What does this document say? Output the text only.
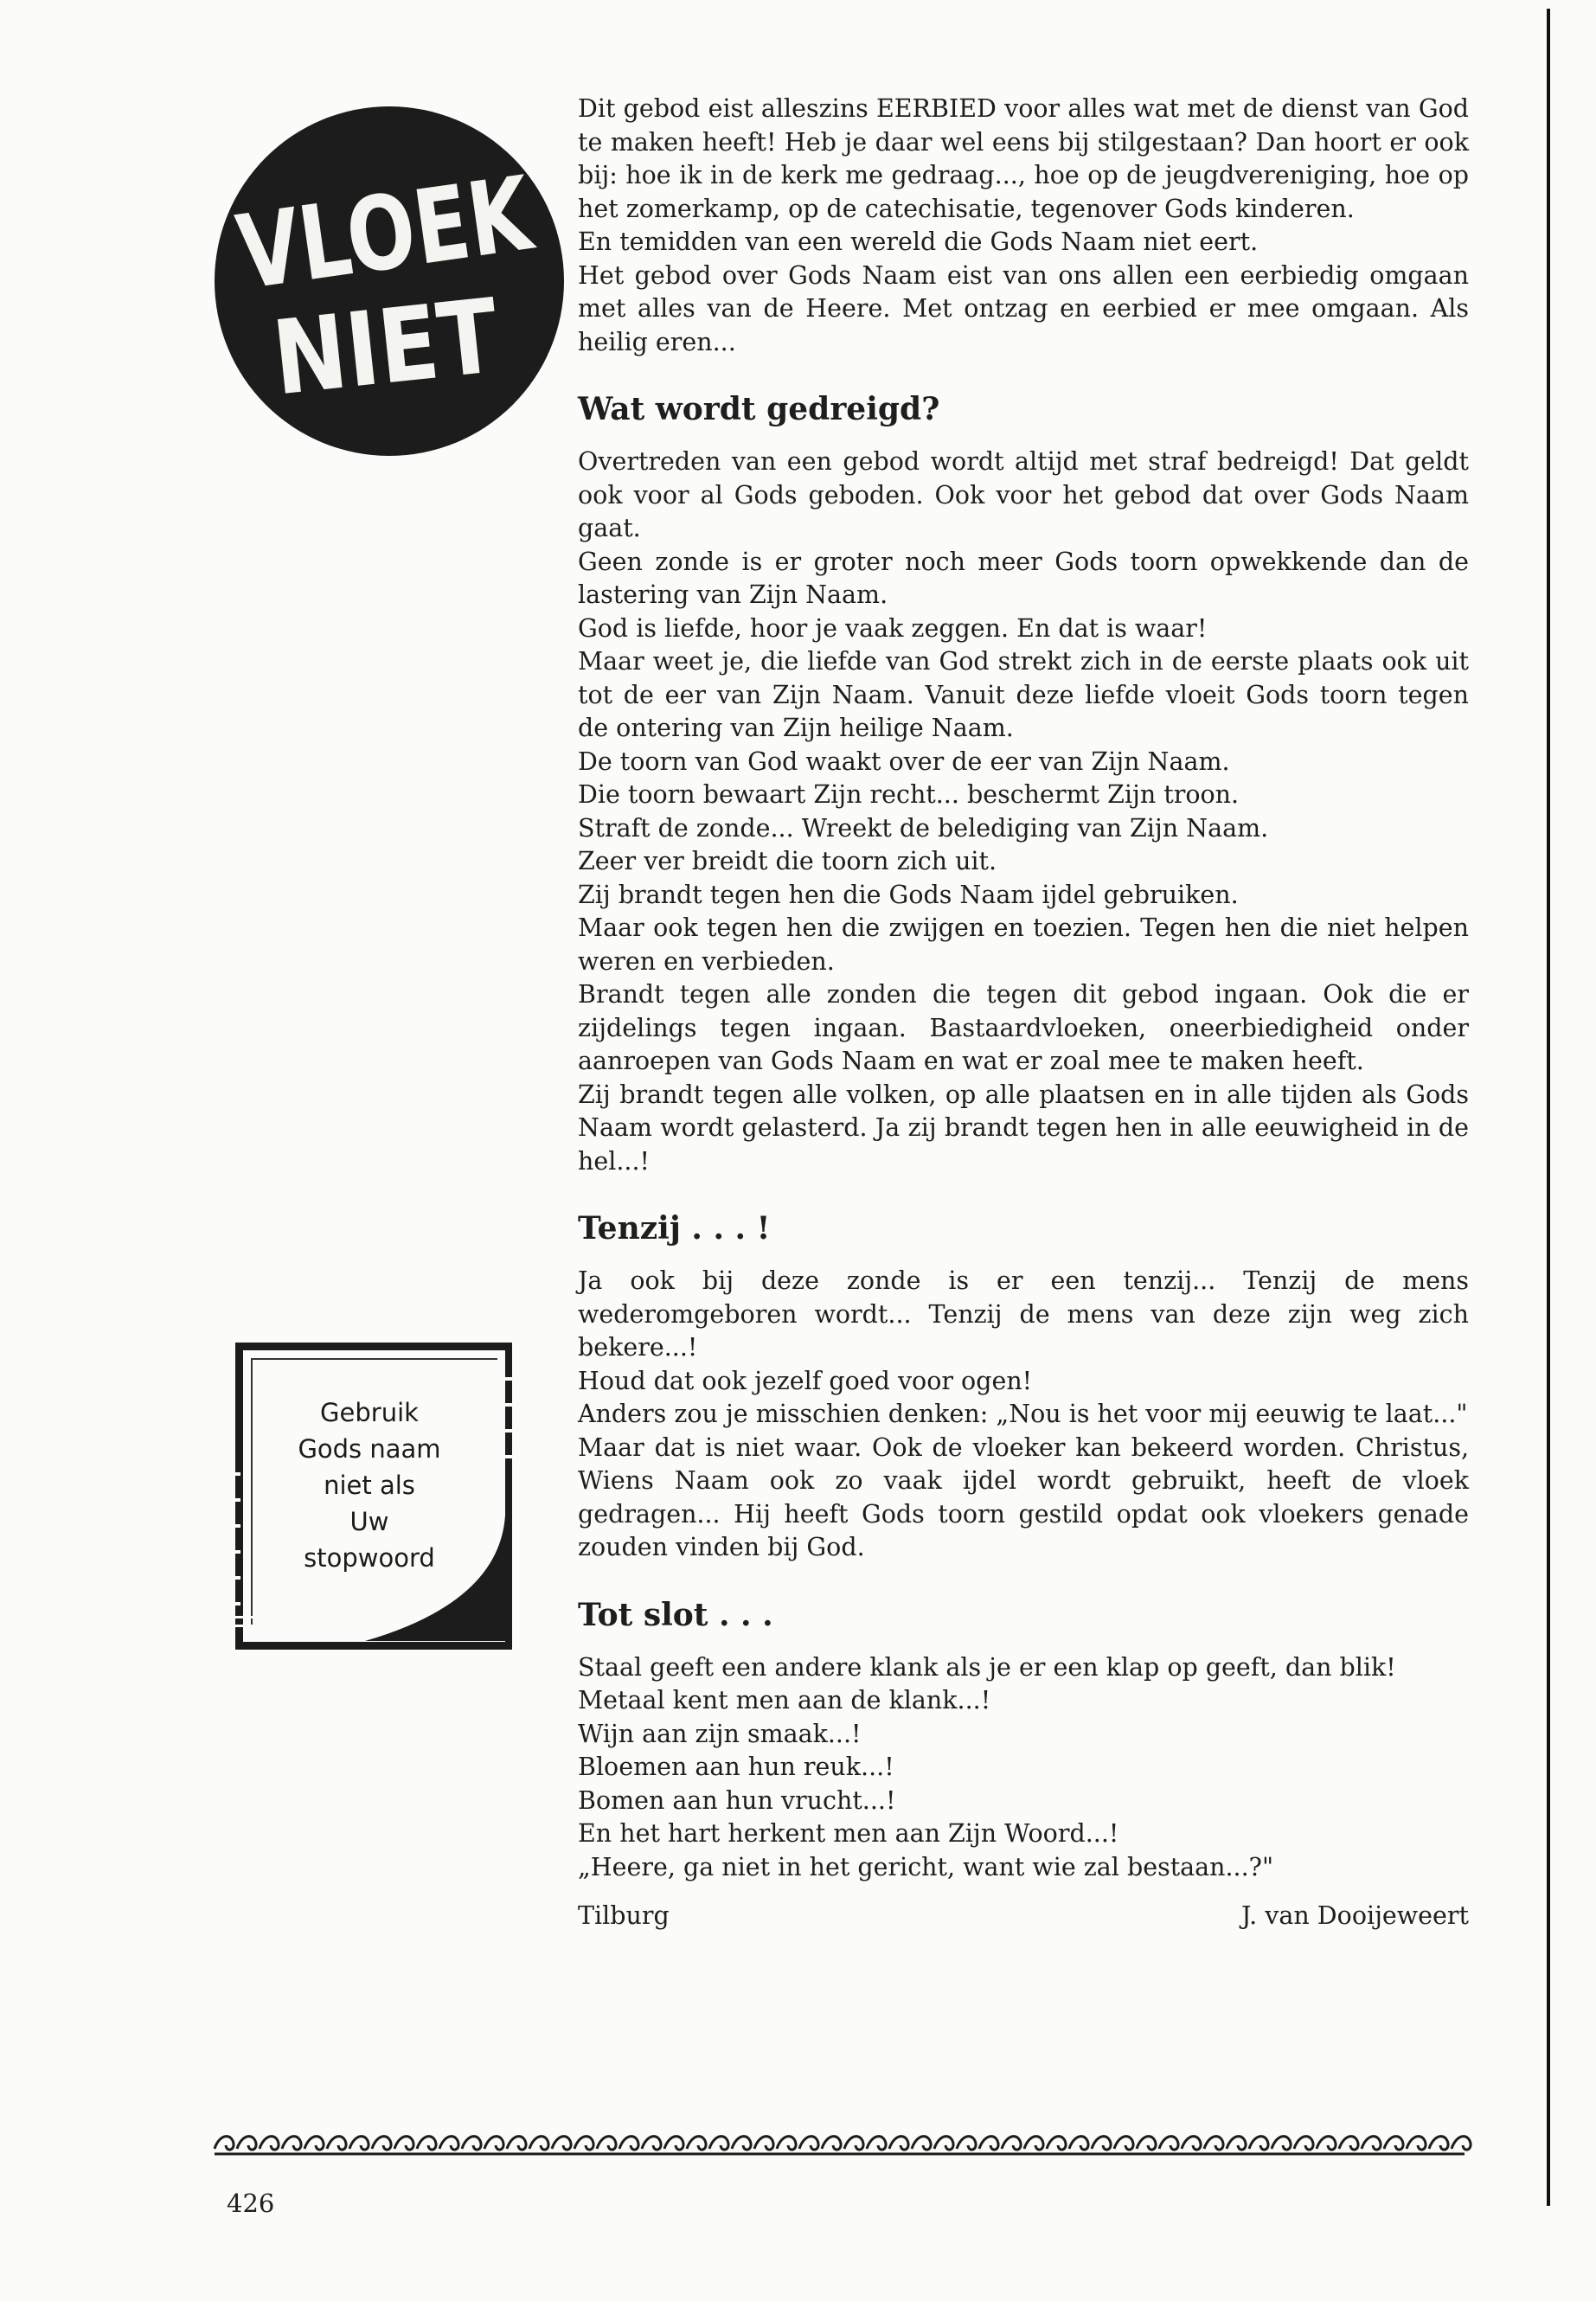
VLOEK
NIET
Gebruik
Gods naam
niet als
Uw
stopwoord

Dit gebod eist alleszins EERBIED voor alles wat met de dienst van God te maken heeft! Heb je daar wel eens bij stilgestaan? Dan hoort er ook bij: hoe ik in de kerk me gedraag..., hoe op de jeugdvereniging, hoe op het zomerkamp, op de catechisatie, tegenover Gods kinderen.

En temidden van een wereld die Gods Naam niet eert.

Het gebod over Gods Naam eist van ons allen een eerbiedig omgaan met alles van de Heere. Met ontzag en eerbied er mee omgaan. Als heilig eren...

Wat wordt gedreigd?

Overtreden van een gebod wordt altijd met straf bedreigd! Dat geldt ook voor al Gods geboden. Ook voor het gebod dat over Gods Naam gaat.

Geen zonde is er groter noch meer Gods toorn opwekkende dan de lastering van Zijn Naam.

God is liefde, hoor je vaak zeggen. En dat is waar!

Maar weet je, die liefde van God strekt zich in de eerste plaats ook uit tot de eer van Zijn Naam. Vanuit deze liefde vloeit Gods toorn tegen de ontering van Zijn heilige Naam.

De toorn van God waakt over de eer van Zijn Naam.

Die toorn bewaart Zijn recht... beschermt Zijn troon.

Straft de zonde... Wreekt de belediging van Zijn Naam.

Zeer ver breidt die toorn zich uit.

Zij brandt tegen hen die Gods Naam ijdel gebruiken.

Maar ook tegen hen die zwijgen en toezien. Tegen hen die niet helpen weren en verbieden.

Brandt tegen alle zonden die tegen dit gebod ingaan. Ook die er zijdelings tegen ingaan. Bastaardvloeken, oneerbiedigheid onder aanroepen van Gods Naam en wat er zoal mee te maken heeft.

Zij brandt tegen alle volken, op alle plaatsen en in alle tijden als Gods Naam wordt gelasterd. Ja zij brandt tegen hen in alle eeuwigheid in de hel...!

Tenzij . . . !

Ja ook bij deze zonde is er een tenzij... Tenzij de mens wederomgeboren wordt... Tenzij de mens van deze zijn weg zich bekere...!

Houd dat ook jezelf goed voor ogen!

Anders zou je misschien denken: „Nou is het voor mij eeuwig te laat..."

Maar dat is niet waar. Ook de vloeker kan bekeerd worden. Christus, Wiens Naam ook zo vaak ijdel wordt gebruikt, heeft de vloek gedragen... Hij heeft Gods toorn gestild opdat ook vloekers genade zouden vinden bij God.

Tot slot . . .

Staal geeft een andere klank als je er een klap op geeft, dan blik!

Metaal kent men aan de klank...!

Wijn aan zijn smaak...!

Bloemen aan hun reuk...!

Bomen aan hun vrucht...!

En het hart herkent men aan Zijn Woord...!

„Heere, ga niet in het gericht, want wie zal bestaan...?"

Tilburg	J. van Dooijeweert
426
